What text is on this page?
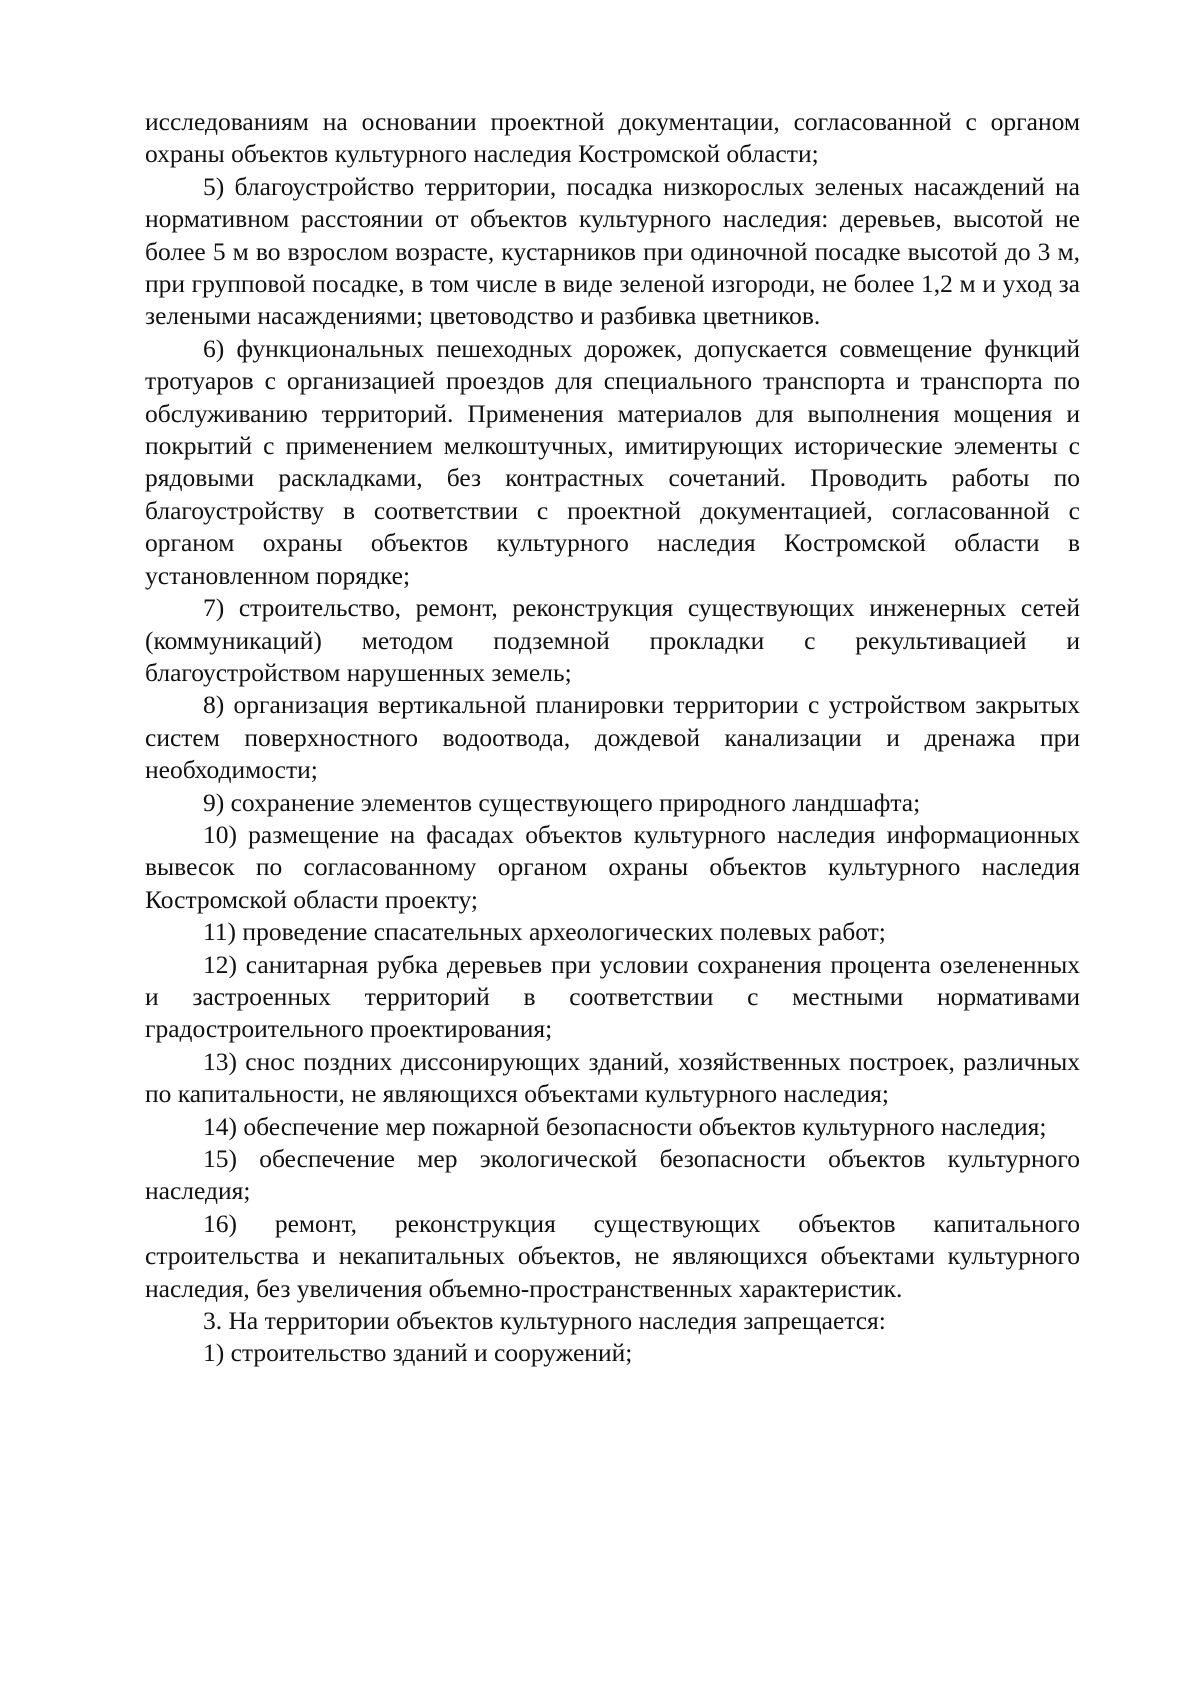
исследованиям на основании проектной документации, согласованной с органом охраны объектов культурного наследия Костромской области;

5) благоустройство территории, посадка низкорослых зеленых насаждений на нормативном расстоянии от объектов культурного наследия: деревьев, высотой не более 5 м во взрослом возрасте, кустарников при одиночной посадке высотой до 3 м, при групповой посадке, в том числе в виде зеленой изгороди, не более 1,2 м и уход за зелеными насаждениями; цветоводство и разбивка цветников.

6) функциональных пешеходных дорожек, допускается совмещение функций тротуаров с организацией проездов для специального транспорта и транспорта по обслуживанию территорий. Применения материалов для выполнения мощения и покрытий с применением мелкоштучных, имитирующих исторические элементы с рядовыми раскладками, без контрастных сочетаний. Проводить работы по благоустройству в соответствии с проектной документацией, согласованной с органом охраны объектов культурного наследия Костромской области в установленном порядке;

7) строительство, ремонт, реконструкция существующих инженерных сетей (коммуникаций) методом подземной прокладки с рекультивацией и благоустройством нарушенных земель;

8) организация вертикальной планировки территории с устройством закрытых систем поверхностного водоотвода, дождевой канализации и дренажа при необходимости;

9) сохранение элементов существующего природного ландшафта;

10) размещение на фасадах объектов культурного наследия информационных вывесок по согласованному органом охраны объектов культурного наследия Костромской области проекту;

11) проведение спасательных археологических полевых работ;

12) санитарная рубка деревьев при условии сохранения процента озелененных и застроенных территорий в соответствии с местными нормативами градостроительного проектирования;

13) снос поздних диссонирующих зданий, хозяйственных построек, различных по капитальности, не являющихся объектами культурного наследия;

14) обеспечение мер пожарной безопасности объектов культурного наследия;

15) обеспечение мер экологической безопасности объектов культурного наследия;

16) ремонт, реконструкция существующих объектов капитального строительства и некапитальных объектов, не являющихся объектами культурного наследия, без увеличения объемно-пространственных характеристик.

3. На территории объектов культурного наследия запрещается:

1) строительство зданий и сооружений;
